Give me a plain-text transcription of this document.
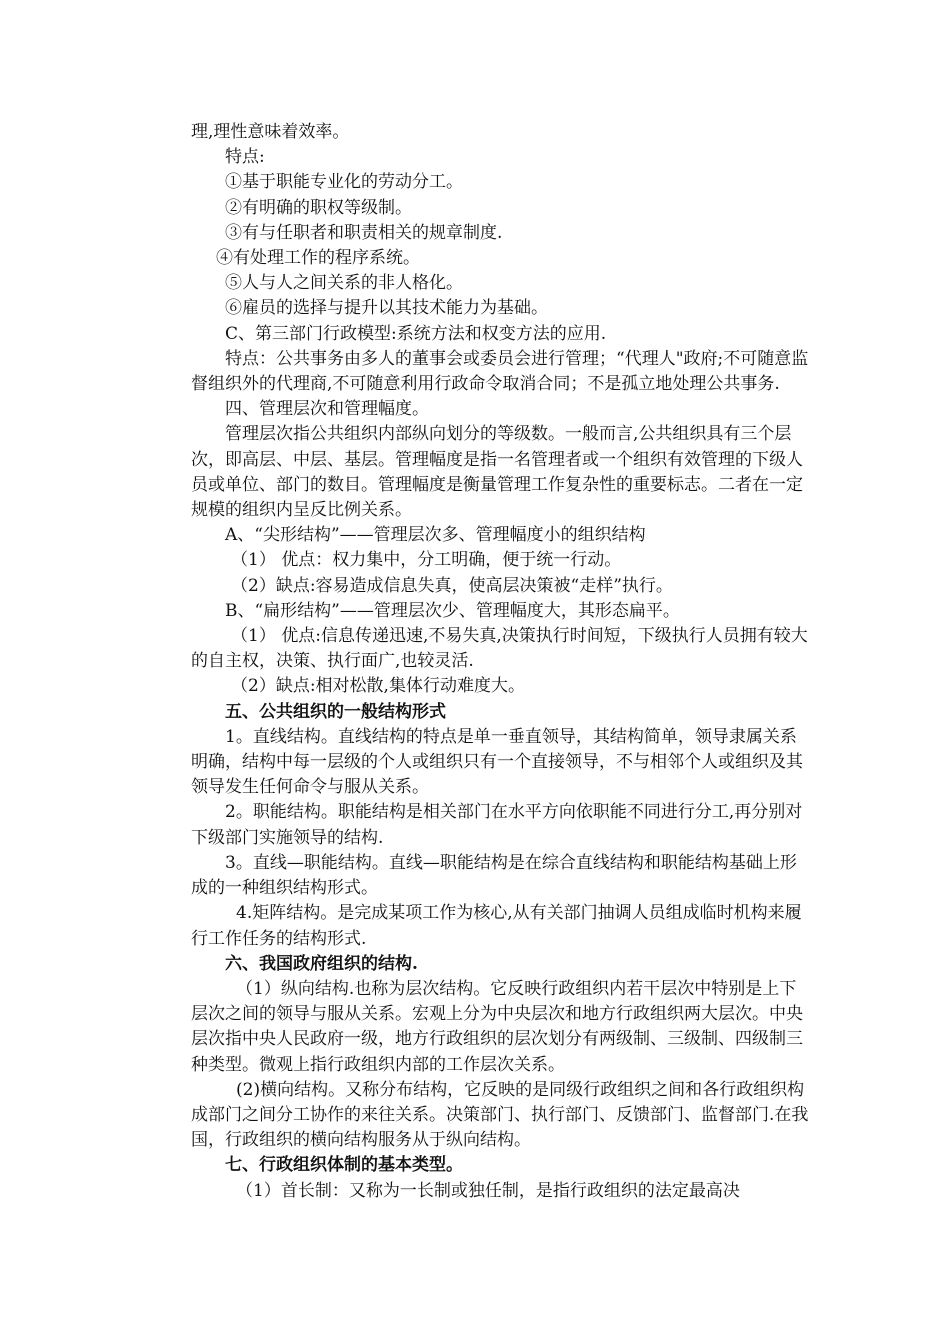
理,理性意味着效率。

特点:

①基于职能专业化的劳动分工。

②有明确的职权等级制。

③有与任职者和职责相关的规章制度.

④有处理工作的程序系统。

⑤人与人之间关系的非人格化。

⑥雇员的选择与提升以其技术能力为基础。

C、第三部门行政模型:系统方法和权变方法的应用.

特点：公共事务由多人的董事会或委员会进行管理；“代理人"政府;不可随意监督组织外的代理商,不可随意利用行政命令取消合同；不是孤立地处理公共事务.

四、管理层次和管理幅度。

管理层次指公共组织内部纵向划分的等级数。一般而言,公共组织具有三个层次，即高层、中层、基层。管理幅度是指一名管理者或一个组织有效管理的下级人员或单位、部门的数目。管理幅度是衡量管理工作复杂性的重要标志。二者在一定规模的组织内呈反比例关系。

A、“尖形结构”——管理层次多、管理幅度小的组织结构

（1） 优点：权力集中，分工明确，便于统一行动。

（2）缺点:容易造成信息失真，使高层决策被“走样”执行。

B、“扁形结构”——管理层次少、管理幅度大，其形态扁平。

（1） 优点:信息传递迅速,不易失真,决策执行时间短，下级执行人员拥有较大的自主权，决策、执行面广,也较灵活.

（2）缺点:相对松散,集体行动难度大。

五、公共组织的一般结构形式

1。直线结构。直线结构的特点是单一垂直领导，其结构简单，领导隶属关系明确，结构中每一层级的个人或组织只有一个直接领导，不与相邻个人或组织及其领导发生任何命令与服从关系。

2。职能结构。职能结构是相关部门在水平方向依职能不同进行分工,再分别对下级部门实施领导的结构.

3。直线—职能结构。直线—职能结构是在综合直线结构和职能结构基础上形成的一种组织结构形式。

4.矩阵结构。是完成某项工作为核心,从有关部门抽调人员组成临时机构来履行工作任务的结构形式.

六、我国政府组织的结构.

（1）纵向结构.也称为层次结构。它反映行政组织内若干层次中特别是上下层次之间的领导与服从关系。宏观上分为中央层次和地方行政组织两大层次。中央层次指中央人民政府一级，地方行政组织的层次划分有两级制、三级制、四级制三种类型。微观上指行政组织内部的工作层次关系。

(2)横向结构。又称分布结构，它反映的是同级行政组织之间和各行政组织构成部门之间分工协作的来往关系。决策部门、执行部门、反馈部门、监督部门.在我国，行政组织的横向结构服务从于纵向结构。

七、行政组织体制的基本类型。

（1）首长制：又称为一长制或独任制，是指行政组织的法定最高决
